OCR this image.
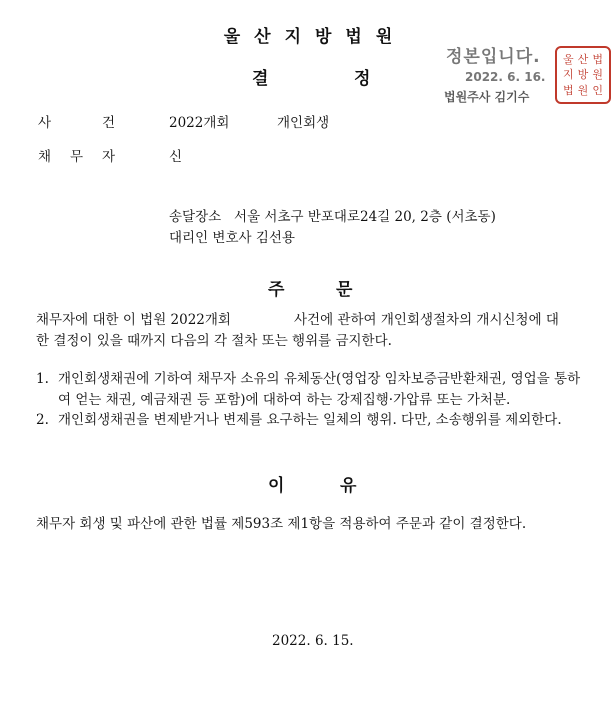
울산지방법원
결	정
정본입니다.
2022. 6. 16.
법원주사 김기수
울 산 법
지 방 원
법 원 인
사	건	2022개회	개인회생
채 무 자	신
송달장소 서울 서초구 반포대로24길 20, 2층 (서초동)
대리인 변호사 김선용
주	문
채무자에 대한 이 법원 2022개회	사건에 관하여 개인회생절차의 개시신청에 대
한 결정이 있을 때까지 다음의 각 절차 또는 행위를 금지한다.
1. 개인회생채권에 기하여 채무자 소유의 유체동산(영업장 임차보증금반환채권, 영업을 통하여 얻는 채권, 예금채권 등 포함)에 대하여 하는 강제집행·가압류 또는 가처분.
2. 개인회생채권을 변제받거나 변제를 요구하는 일체의 행위. 다만, 소송행위를 제외한다.
이	유
채무자 회생 및 파산에 관한 법률 제593조 제1항을 적용하여 주문과 같이 결정한다.
2022. 6. 15.
